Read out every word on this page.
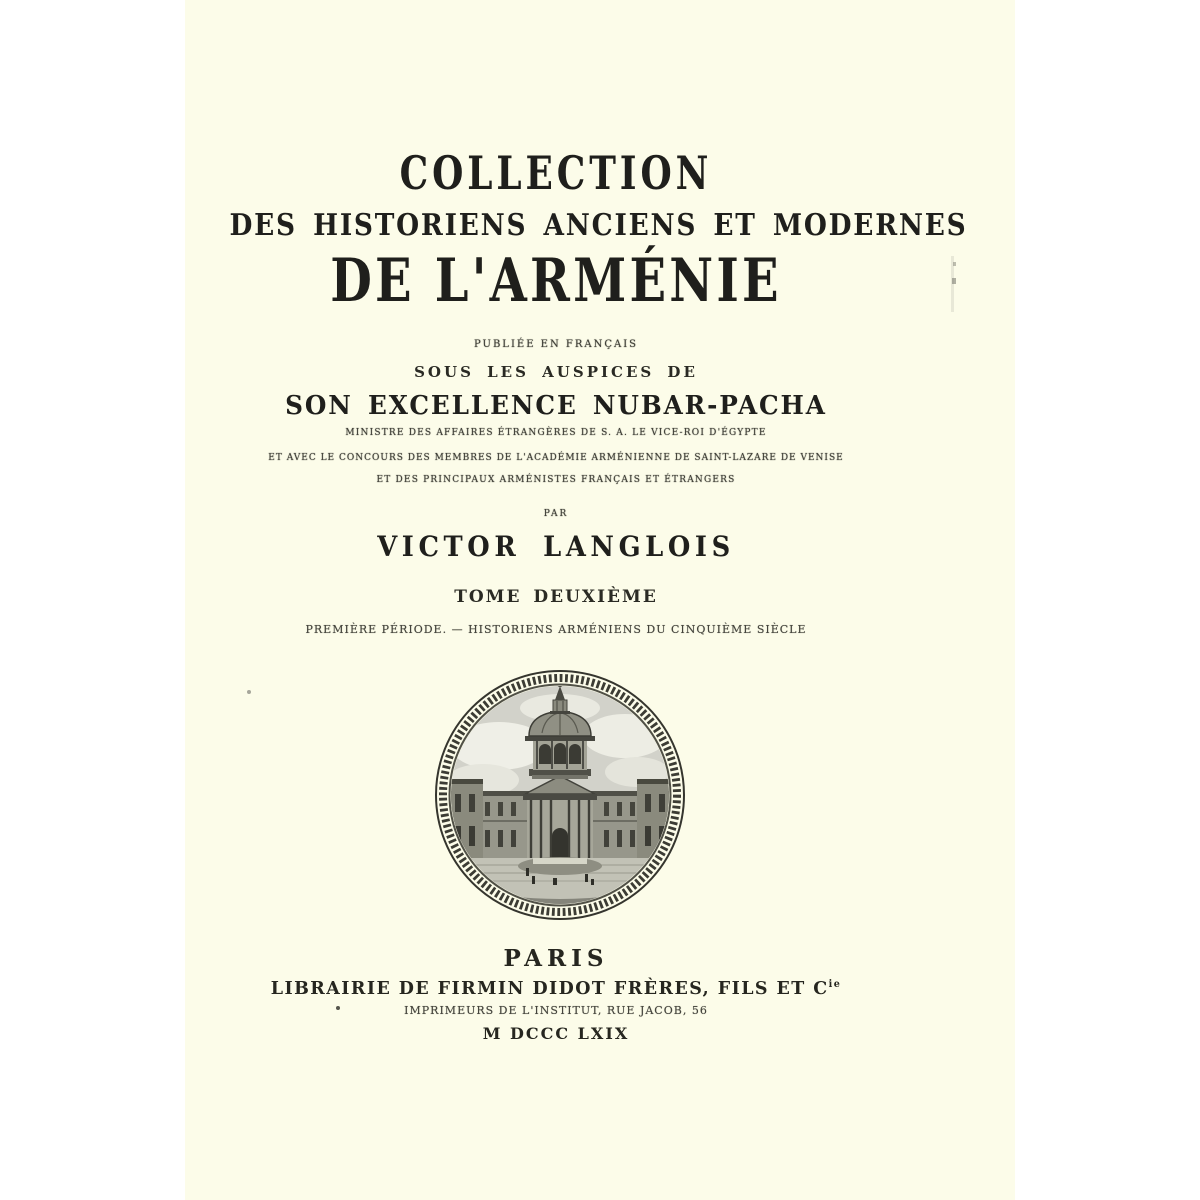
COLLECTION
DES HISTORIENS ANCIENS ET MODERNES
DE L'ARMÉNIE
PUBLIÉE EN FRANÇAIS
SOUS LES AUSPICES DE
SON EXCELLENCE NUBAR-PACHA
MINISTRE DES AFFAIRES ÉTRANGÈRES DE S. A. LE VICE-ROI D'ÉGYPTE
ET AVEC LE CONCOURS DES MEMBRES DE L'ACADÉMIE ARMÉNIENNE DE SAINT-LAZARE DE VENISE
ET DES PRINCIPAUX ARMÉNISTES FRANÇAIS ET ÉTRANGERS
PAR
VICTOR LANGLOIS
TOME DEUXIÈME
PREMIÈRE PÉRIODE. — HISTORIENS ARMÉNIENS DU CINQUIÈME SIÈCLE
PARIS
LIBRAIRIE DE FIRMIN DIDOT FRÈRES, FILS ET $C^{ie}$
IMPRIMEURS DE L'INSTITUT, RUE JACOB, 56
M DCCC LXIX
